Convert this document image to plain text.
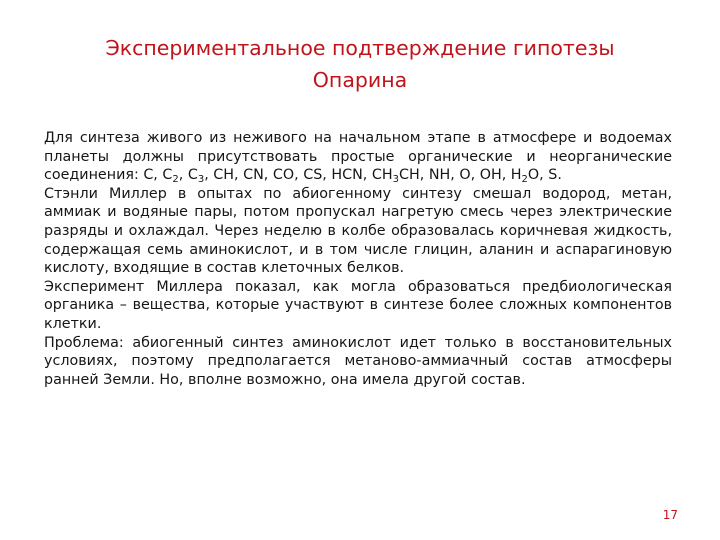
Экспериментальное подтверждение гипотезы
Опарина

Для синтеза живого из неживого на начальном этапе в атмосфере и водоемах планеты должны присутствовать простые органические и неорганические соединения: С, $С_2$, $С_3$, СН, CN, CO, CS, HCN, $CH_3CH$, NH, O, OH, $H_2O$, S.

Стэнли Миллер в опытах по абиогенному синтезу смешал водород, метан, аммиак и водяные пары, потом пропускал нагретую смесь через электрические разряды и охлаждал. Через неделю в колбе образовалась коричневая жидкость, содержащая семь аминокислот, и в том числе глицин, аланин и аспарагиновую кислоту, входящие в состав клеточных белков.

Эксперимент Миллера показал, как могла образоваться предбиологическая органика – вещества, которые участвуют в синтезе более сложных компонентов клетки.

Проблема: абиогенный синтез аминокислот идет только в восстановительных условиях, поэтому предполагается метаново-аммиачный состав атмосферы ранней Земли. Но, вполне возможно, она имела другой состав.

17
